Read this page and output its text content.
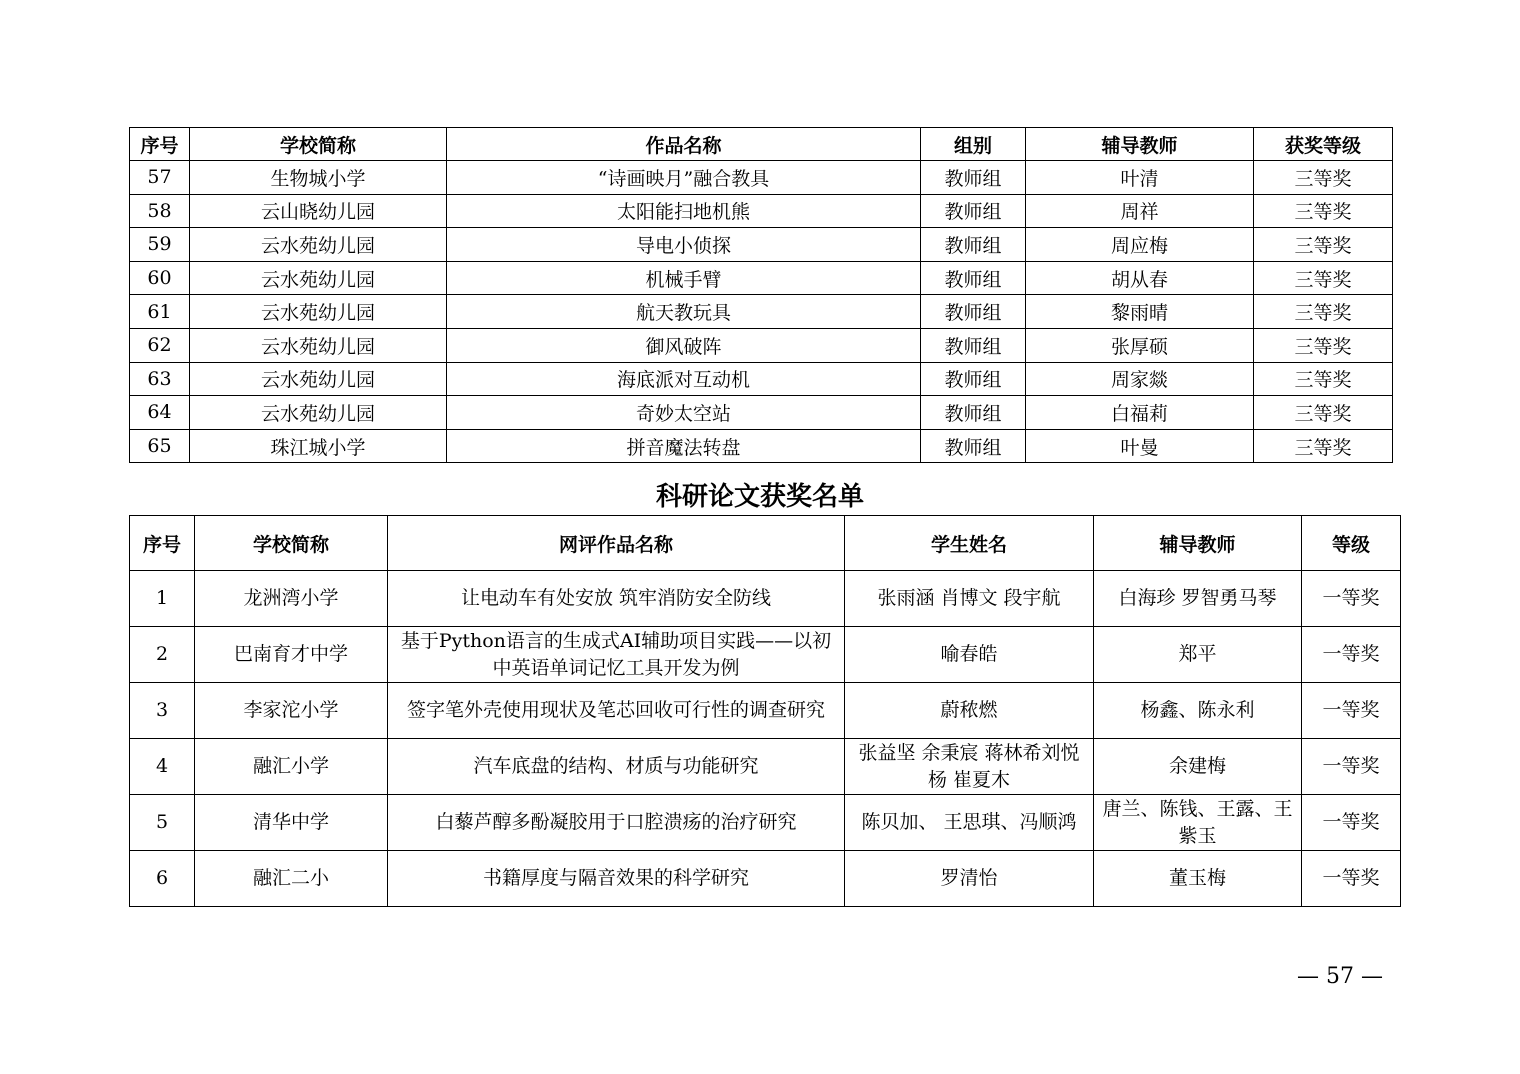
序号	学校简称	作品名称	组别	辅导教师	获奖等级
57	生物城小学	“诗画映月”融合教具	教师组	叶清	三等奖
58	云山晓幼儿园	太阳能扫地机熊	教师组	周祥	三等奖
59	云水苑幼儿园	导电小侦探	教师组	周应梅	三等奖
60	云水苑幼儿园	机械手臂	教师组	胡从春	三等奖
61	云水苑幼儿园	航天教玩具	教师组	黎雨晴	三等奖
62	云水苑幼儿园	御风破阵	教师组	张厚硕	三等奖
63	云水苑幼儿园	海底派对互动机	教师组	周家燚	三等奖
64	云水苑幼儿园	奇妙太空站	教师组	白福莉	三等奖
65	珠江城小学	拼音魔法转盘	教师组	叶曼	三等奖
科研论文获奖名单
序号	学校简称	网评作品名称	学生姓名	辅导教师	等级
1	龙洲湾小学	让电动车有处安放 筑牢消防安全防线	张雨涵 肖博文 段宇航	白海珍 罗智勇马琴	一等奖
2	巴南育才中学	基于Python语言的生成式AI辅助项目实践——以初中英语单词记忆工具开发为例	喻春皓	郑平	一等奖
3	李家沱小学	签字笔外壳使用现状及笔芯回收可行性的调查研究	蔚秾燃	杨鑫、陈永利	一等奖
4	融汇小学	汽车底盘的结构、材质与功能研究	张益坚 余秉宸 蒋林希刘悦杨 崔夏木	余建梅	一等奖
5	清华中学	白藜芦醇多酚凝胶用于口腔溃疡的治疗研究	陈贝加、 王思琪、冯顺鸿	唐兰、陈钱、王露、王紫玉	一等奖
6	融汇二小	书籍厚度与隔音效果的科学研究	罗清怡	董玉梅	一等奖
— 57 —
